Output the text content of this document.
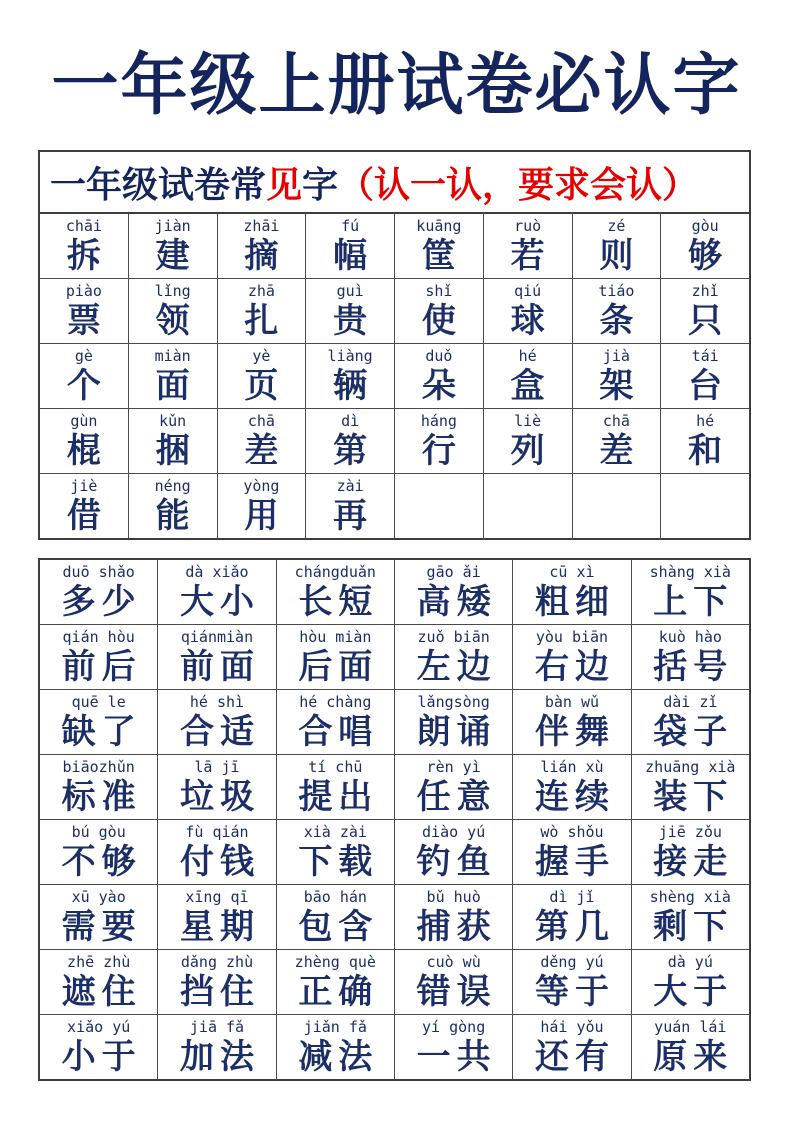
一年级上册试卷必认字
一年级试卷常 见 字 （认一认，要求会认）
chāi
拆
jiàn
建
zhāi
摘
fú
幅
kuāng
筐
ruò
若
zé
则
gòu
够
piào
票
lǐng
领
zhā
扎
guì
贵
shǐ
使
qiú
球
tiáo
条
zhǐ
只
gè
个
miàn
面
yè
页
liàng
辆
duǒ
朵
hé
盒
jià
架
tái
台
gùn
棍
kǔn
捆
chā
差
dì
第
háng
行
liè
列
chā
差
hé
和
jiè
借
néng
能
yòng
用
zài
再
duō shǎo
多少
dà xiǎo
大小
chángduǎn
长短
gāo ǎi
高矮
cū xì
粗细
shàng xià
上下
qián hòu
前后
qiánmiàn
前面
hòu miàn
后面
zuǒ biān
左边
yòu biān
右边
kuò hào
括号
quē le
缺了
hé shì
合适
hé chàng
合唱
lǎngsòng
朗诵
bàn wǔ
伴舞
dài zǐ
袋子
biāozhǔn
标准
lā jī
垃圾
tí chū
提出
rèn yì
任意
lián xù
连续
zhuāng xià
装下
bú gòu
不够
fù qián
付钱
xià zài
下载
diào yú
钓鱼
wò shǒu
握手
jiē zǒu
接走
xū yào
需要
xīng qī
星期
bāo hán
包含
bǔ huò
捕获
dì jǐ
第几
shèng xià
剩下
zhē zhù
遮住
dǎng zhù
挡住
zhèng què
正确
cuò wù
错误
děng yú
等于
dà yú
大于
xiǎo yú
小于
jiā fǎ
加法
jiǎn fǎ
减法
yí gòng
一共
hái yǒu
还有
yuán lái
原来
